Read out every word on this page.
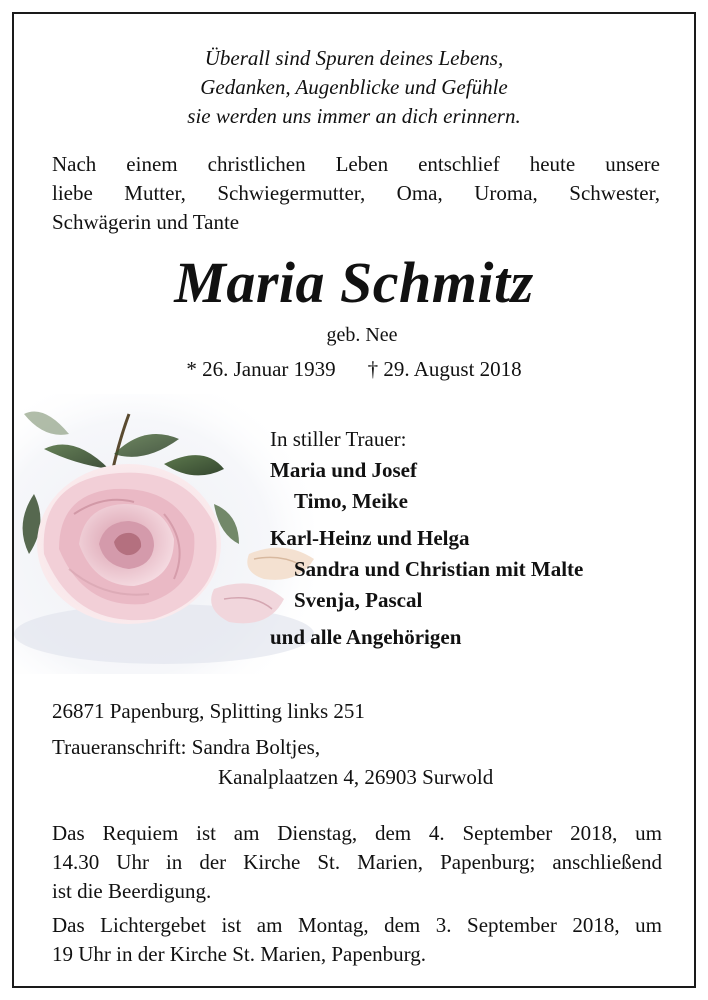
Überall sind Spuren deines Lebens,
Gedanken, Augenblicke und Gefühle
sie werden uns immer an dich erinnern.
Nach einem christlichen Leben entschlief heute unsere
liebe Mutter, Schwiegermutter, Oma, Uroma, Schwester,
Schwägerin und Tante
Maria Schmitz
geb. Nee
* 26. Januar 1939 † 29. August 2018
In stiller Trauer:
Maria und Josef
Timo, Meike
Karl-Heinz und Helga
Sandra und Christian mit Malte
Svenja, Pascal
und alle Angehörigen
26871 Papenburg, Splitting links 251
Traueranschrift: Sandra Boltjes,
Kanalplaatzen 4, 26903 Surwold
Das Requiem ist am Dienstag, dem 4. September 2018, um
14.30 Uhr in der Kirche St. Marien, Papenburg; anschließend
ist die Beerdigung.
Das Lichtergebet ist am Montag, dem 3. September 2018, um
19 Uhr in der Kirche St. Marien, Papenburg.
